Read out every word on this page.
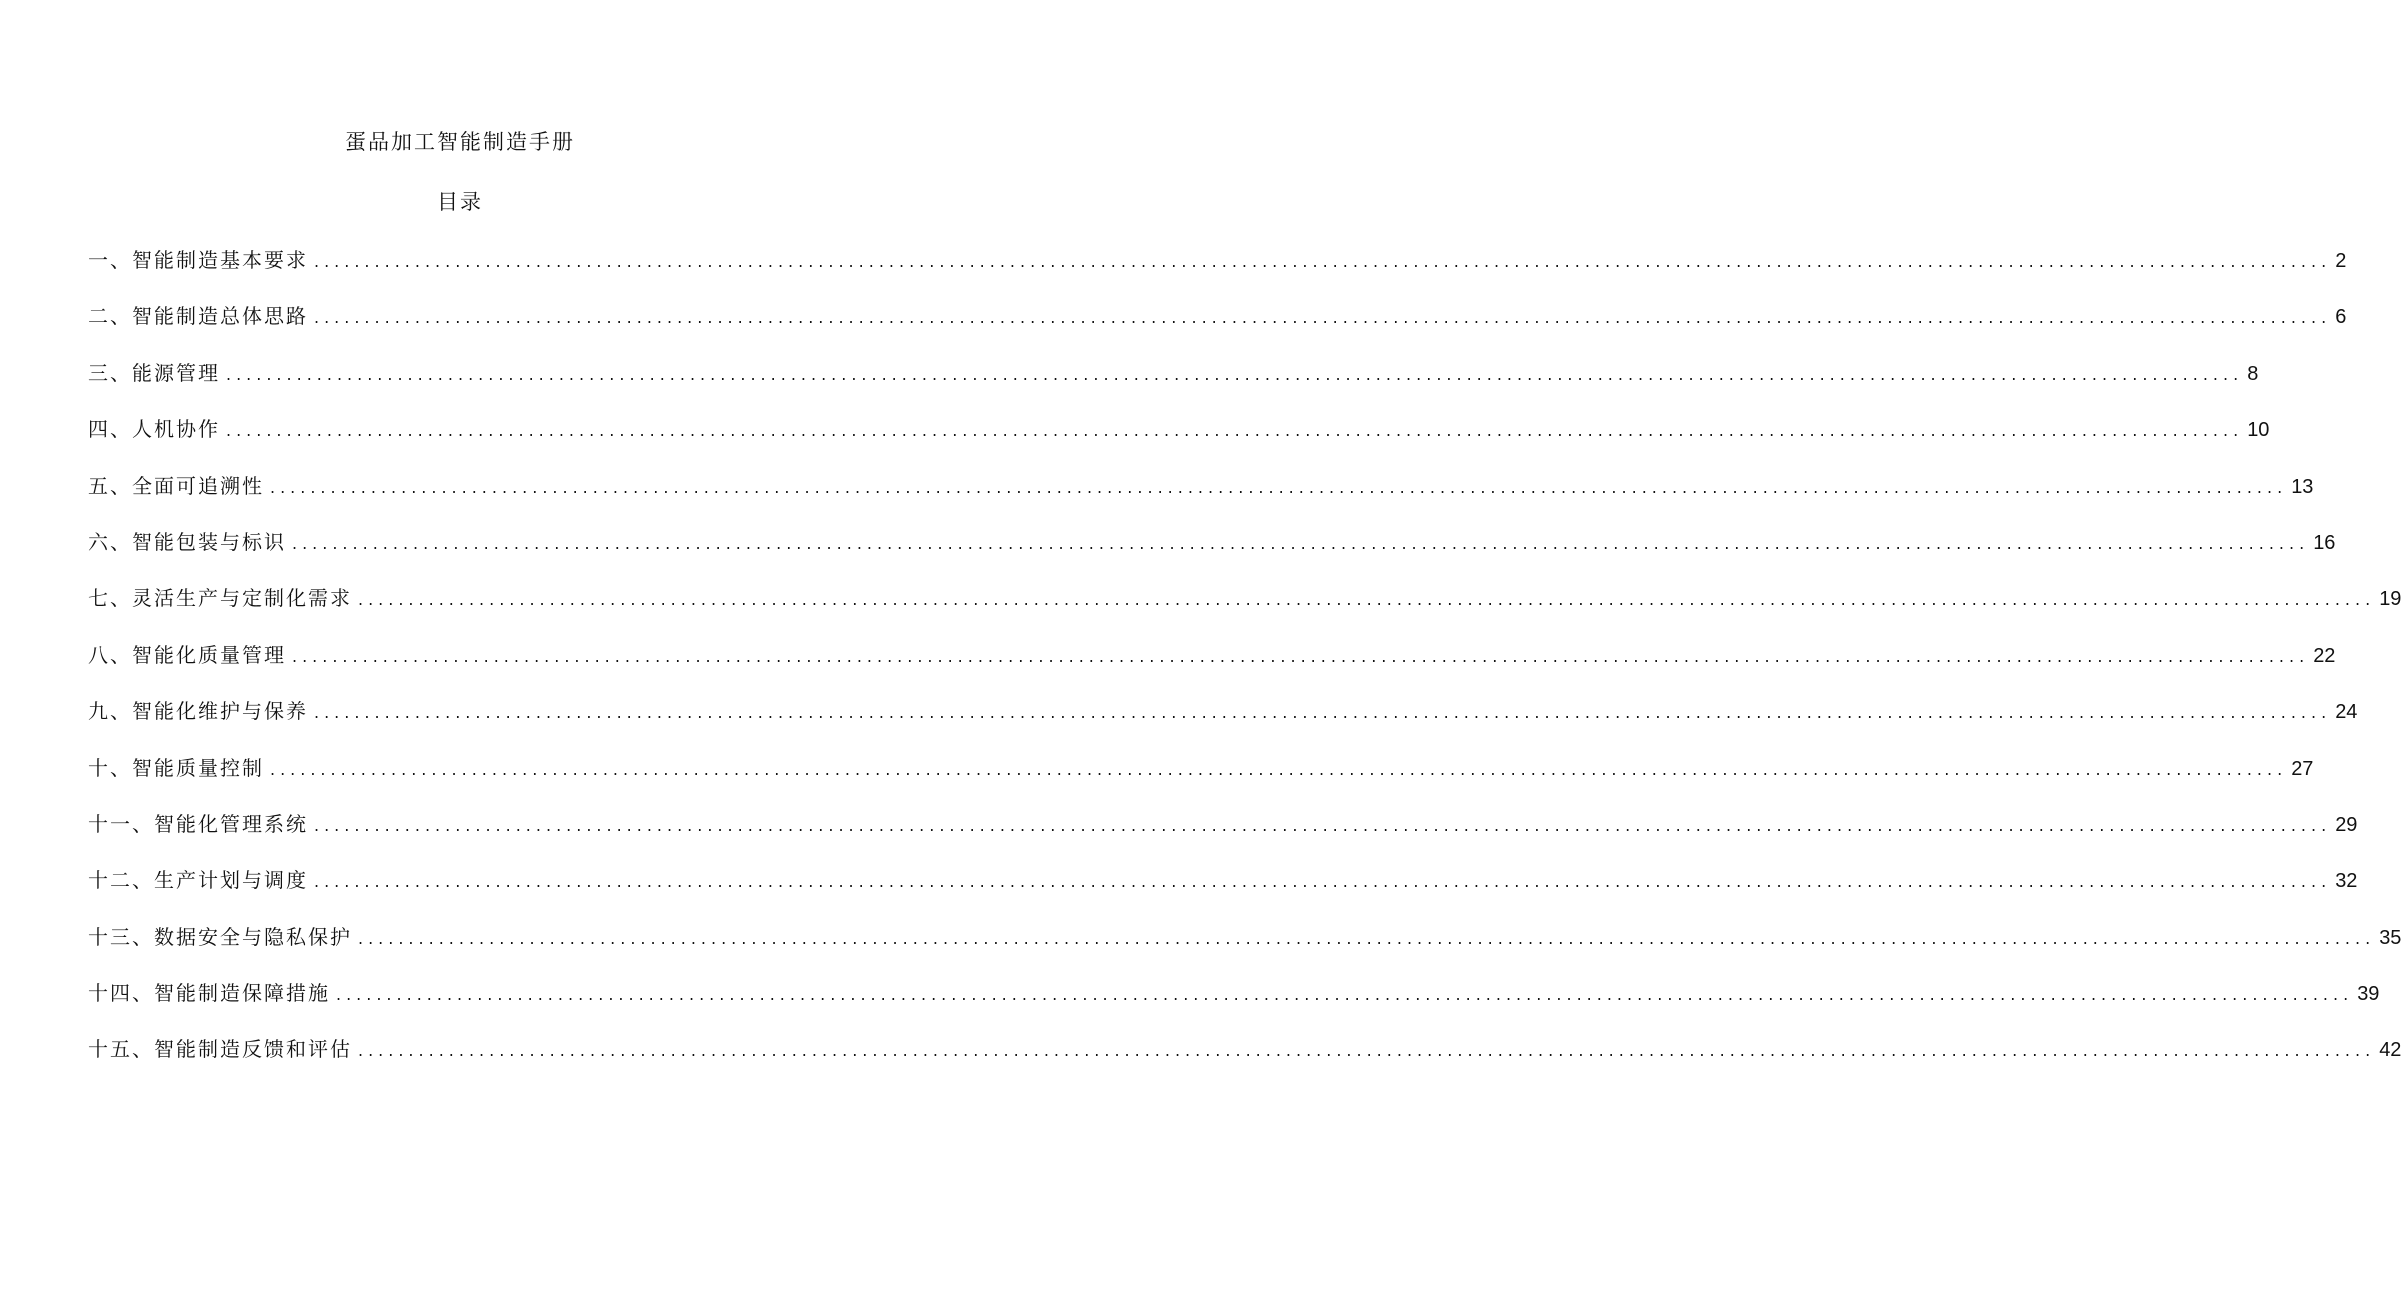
蛋品加工智能制造手册
目录
一、智能制造基本要求 ........................................................................................................................................................................................................ 2
二、智能制造总体思路 ........................................................................................................................................................................................................ 6
三、能源管理 ........................................................................................................................................................................................................ 8
四、人机协作 ........................................................................................................................................................................................................ 10
五、全面可追溯性 ........................................................................................................................................................................................................ 13
六、智能包装与标识 ........................................................................................................................................................................................................ 16
七、灵活生产与定制化需求 ........................................................................................................................................................................................................ 19
八、智能化质量管理 ........................................................................................................................................................................................................ 22
九、智能化维护与保养 ........................................................................................................................................................................................................ 24
十、智能质量控制 ........................................................................................................................................................................................................ 27
十一、智能化管理系统 ........................................................................................................................................................................................................ 29
十二、生产计划与调度 ........................................................................................................................................................................................................ 32
十三、数据安全与隐私保护 ........................................................................................................................................................................................................ 35
十四、智能制造保障措施 ........................................................................................................................................................................................................ 39
十五、智能制造反馈和评估 ........................................................................................................................................................................................................ 42
